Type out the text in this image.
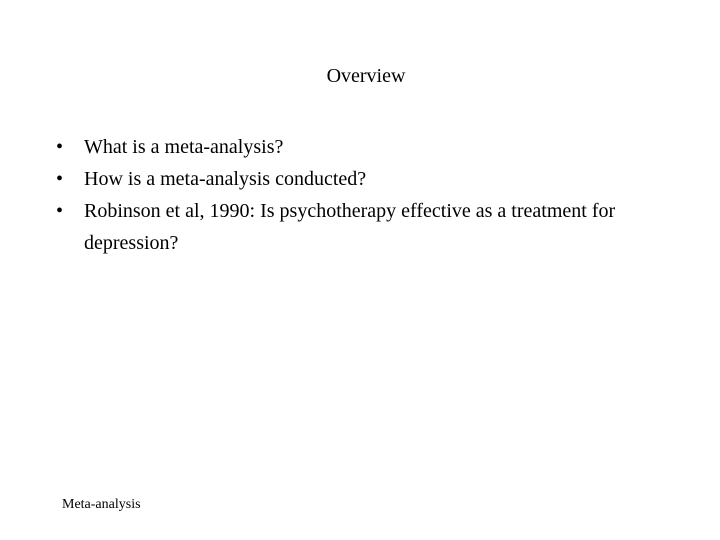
Overview
•	What is a meta-analysis?
•	How is a meta-analysis conducted?
•	Robinson et al, 1990: Is psychotherapy effective as a treatment for depression?
Meta-analysis
